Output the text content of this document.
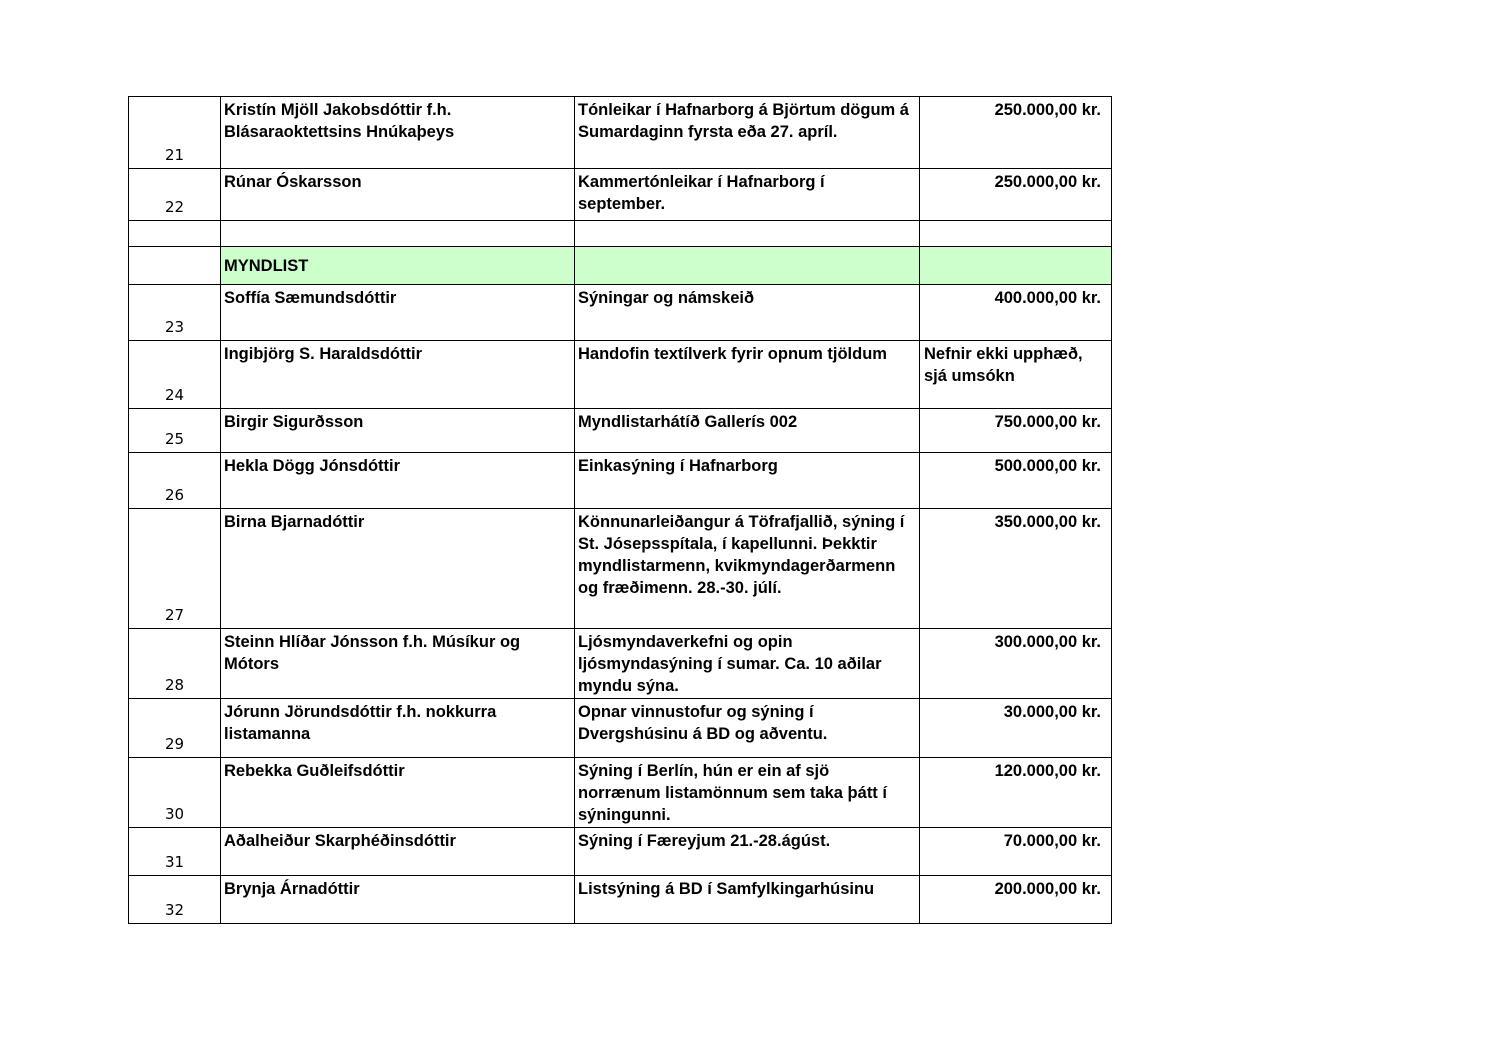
21	Kristín Mjöll Jakobsdóttir f.h. Blásaraoktettsins Hnúkaþeys	Tónleikar í Hafnarborg á Björtum dögum á Sumardaginn fyrsta eða 27. apríl.	250.000,00 kr.
22	Rúnar Óskarsson	Kammertónleikar í Hafnarborg í september.	250.000,00 kr.

	MYNDLIST		
23	Soffía Sæmundsdóttir	Sýningar og námskeið	400.000,00 kr.
24	Ingibjörg S. Haraldsdóttir	Handofin textílverk fyrir opnum tjöldum	Nefnir ekki upphæð, sjá umsókn
25	Birgir Sigurðsson	Myndlistarhátíð Gallerís 002	750.000,00 kr.
26	Hekla Dögg Jónsdóttir	Einkasýning í Hafnarborg	500.000,00 kr.
27	Birna Bjarnadóttir	Könnunarleiðangur á Töfrafjallið, sýning í St. Jósepsspítala, í kapellunni. Þekktir myndlistarmenn, kvikmyndagerðarmenn og fræðimenn. 28.-30. júlí.	350.000,00 kr.
28	Steinn Hlíðar Jónsson f.h. Músíkur og Mótors	Ljósmyndaverkefni og opin ljósmyndasýning í sumar. Ca. 10 aðilar myndu sýna.	300.000,00 kr.
29	Jórunn Jörundsdóttir f.h. nokkurra listamanna	Opnar vinnustofur og sýning í Dvergshúsinu á BD og aðventu.	30.000,00 kr.
30	Rebekka Guðleifsdóttir	Sýning í Berlín, hún er ein af sjö norrænum listamönnum sem taka þátt í sýningunni.	120.000,00 kr.
31	Aðalheiður Skarphéðinsdóttir	Sýning í Færeyjum 21.-28.ágúst.	70.000,00 kr.
32	Brynja Árnadóttir	Listsýning á BD í Samfylkingarhúsinu	200.000,00 kr.
